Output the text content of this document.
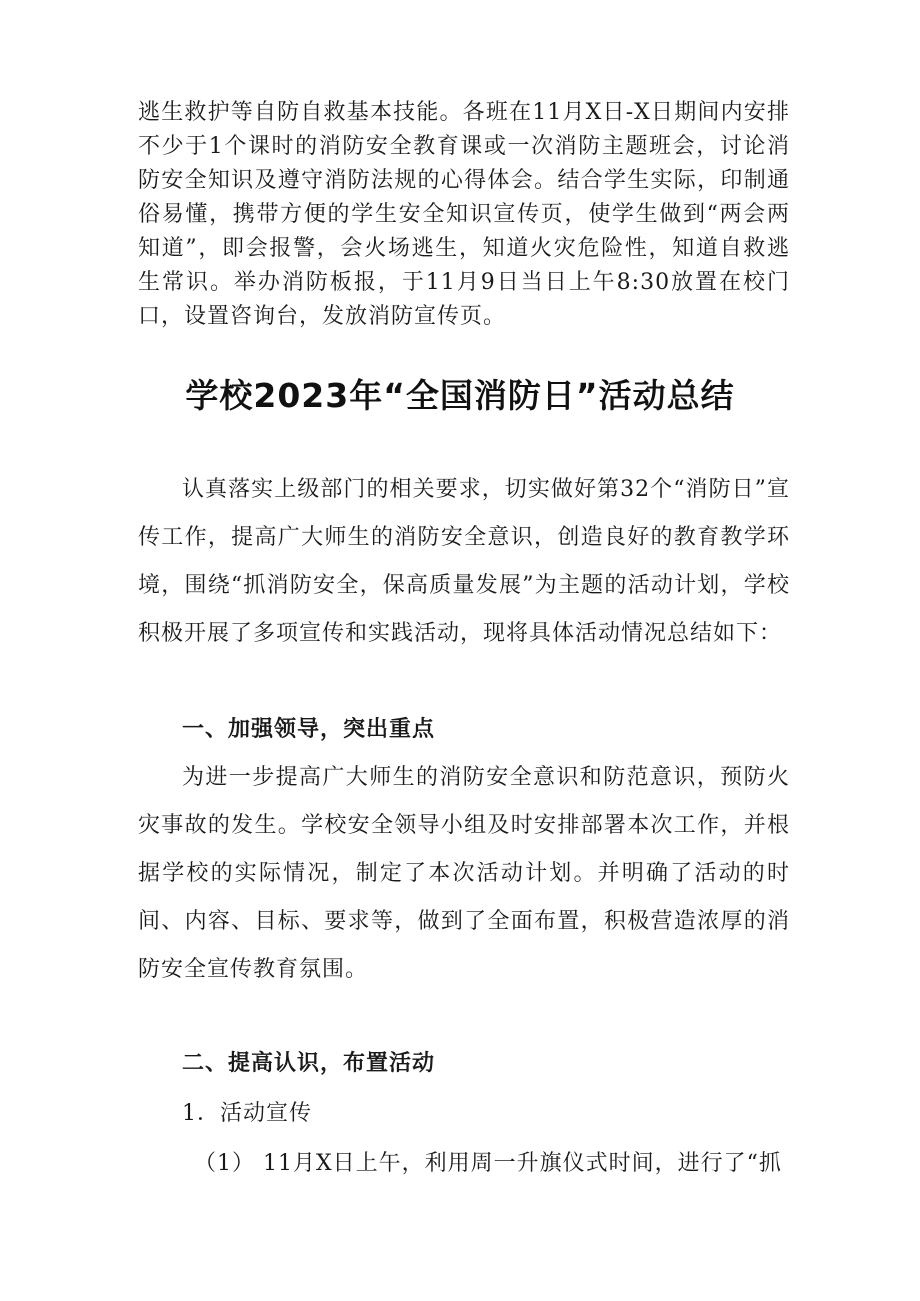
逃生救护等自防自救基本技能。各班在11月X日-X日期间内安排不少于1个课时的消防安全教育课或一次消防主题班会，讨论消防安全知识及遵守消防法规的心得体会。结合学生实际，印制通俗易懂，携带方便的学生安全知识宣传页，使学生做到“两会两知道”，即会报警，会火场逃生，知道火灾危险性，知道自救逃生常识。举办消防板报，于11月9日当日上午8:30放置在校门口，设置咨询台，发放消防宣传页。
学校2023年“全国消防日”活动总结
认真落实上级部门的相关要求，切实做好第32个“消防日”宣传工作，提高广大师生的消防安全意识，创造良好的教育教学环境，围绕“抓消防安全，保高质量发展”为主题的活动计划，学校积极开展了多项宣传和实践活动，现将具体活动情况总结如下：
一、加强领导，突出重点
为进一步提高广大师生的消防安全意识和防范意识，预防火灾事故的发生。学校安全领导小组及时安排部署本次工作，并根据学校的实际情况，制定了本次活动计划。并明确了活动的时间、内容、目标、要求等，做到了全面布置，积极营造浓厚的消防安全宣传教育氛围。
二、提高认识，布置活动
1．活动宣传
（1） 11月X日上午，利用周一升旗仪式时间，进行了“抓
